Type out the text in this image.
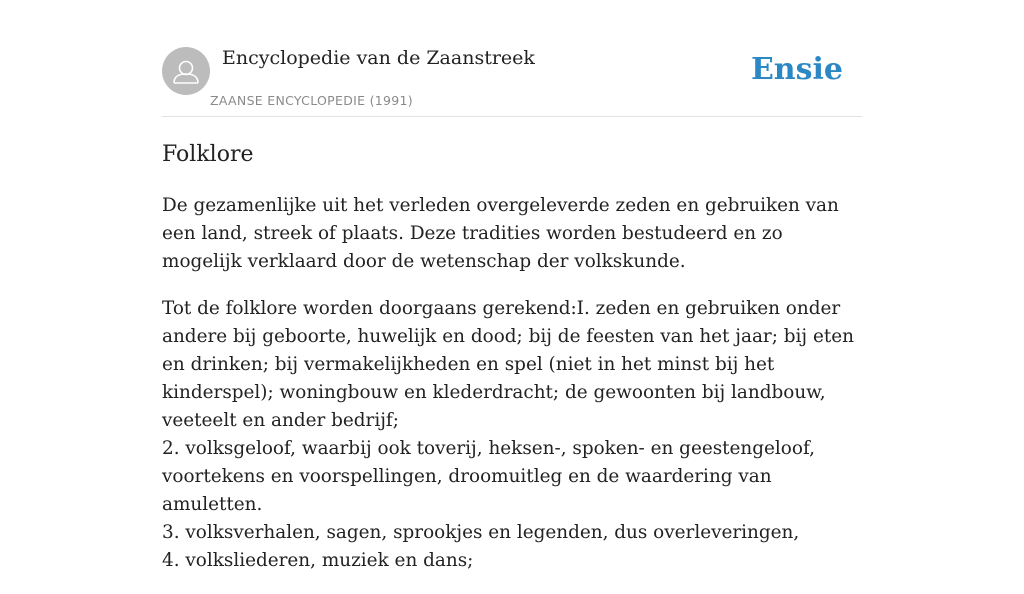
Encyclopedie van de Zaanstreek
ZAANSE ENCYCLOPEDIE (1991)
Ensie
Folklore

De gezamenlijke uit het verleden overgeleverde zeden en gebruiken van een land, streek of plaats. Deze tradities worden bestudeerd en zo mogelijk verklaard door de wetenschap der volkskunde.

Tot de folklore worden doorgaans gerekend:I. zeden en gebruiken onder andere bij geboorte, huwelijk en dood; bij de feesten van het jaar; bij eten en drinken; bij vermakelijkheden en spel (niet in het minst bij het kinderspel); woningbouw en klederdracht; de gewoonten bij landbouw, veeteelt en ander bedrijf;
2. volksgeloof, waarbij ook toverij, heksen-, spoken- en geestengeloof, voortekens en voorspellingen, droomuitleg en de waardering van amuletten.
3. volksverhalen, sagen, sprookjes en legenden, dus overleveringen,
4. volksliederen, muziek en dans;
